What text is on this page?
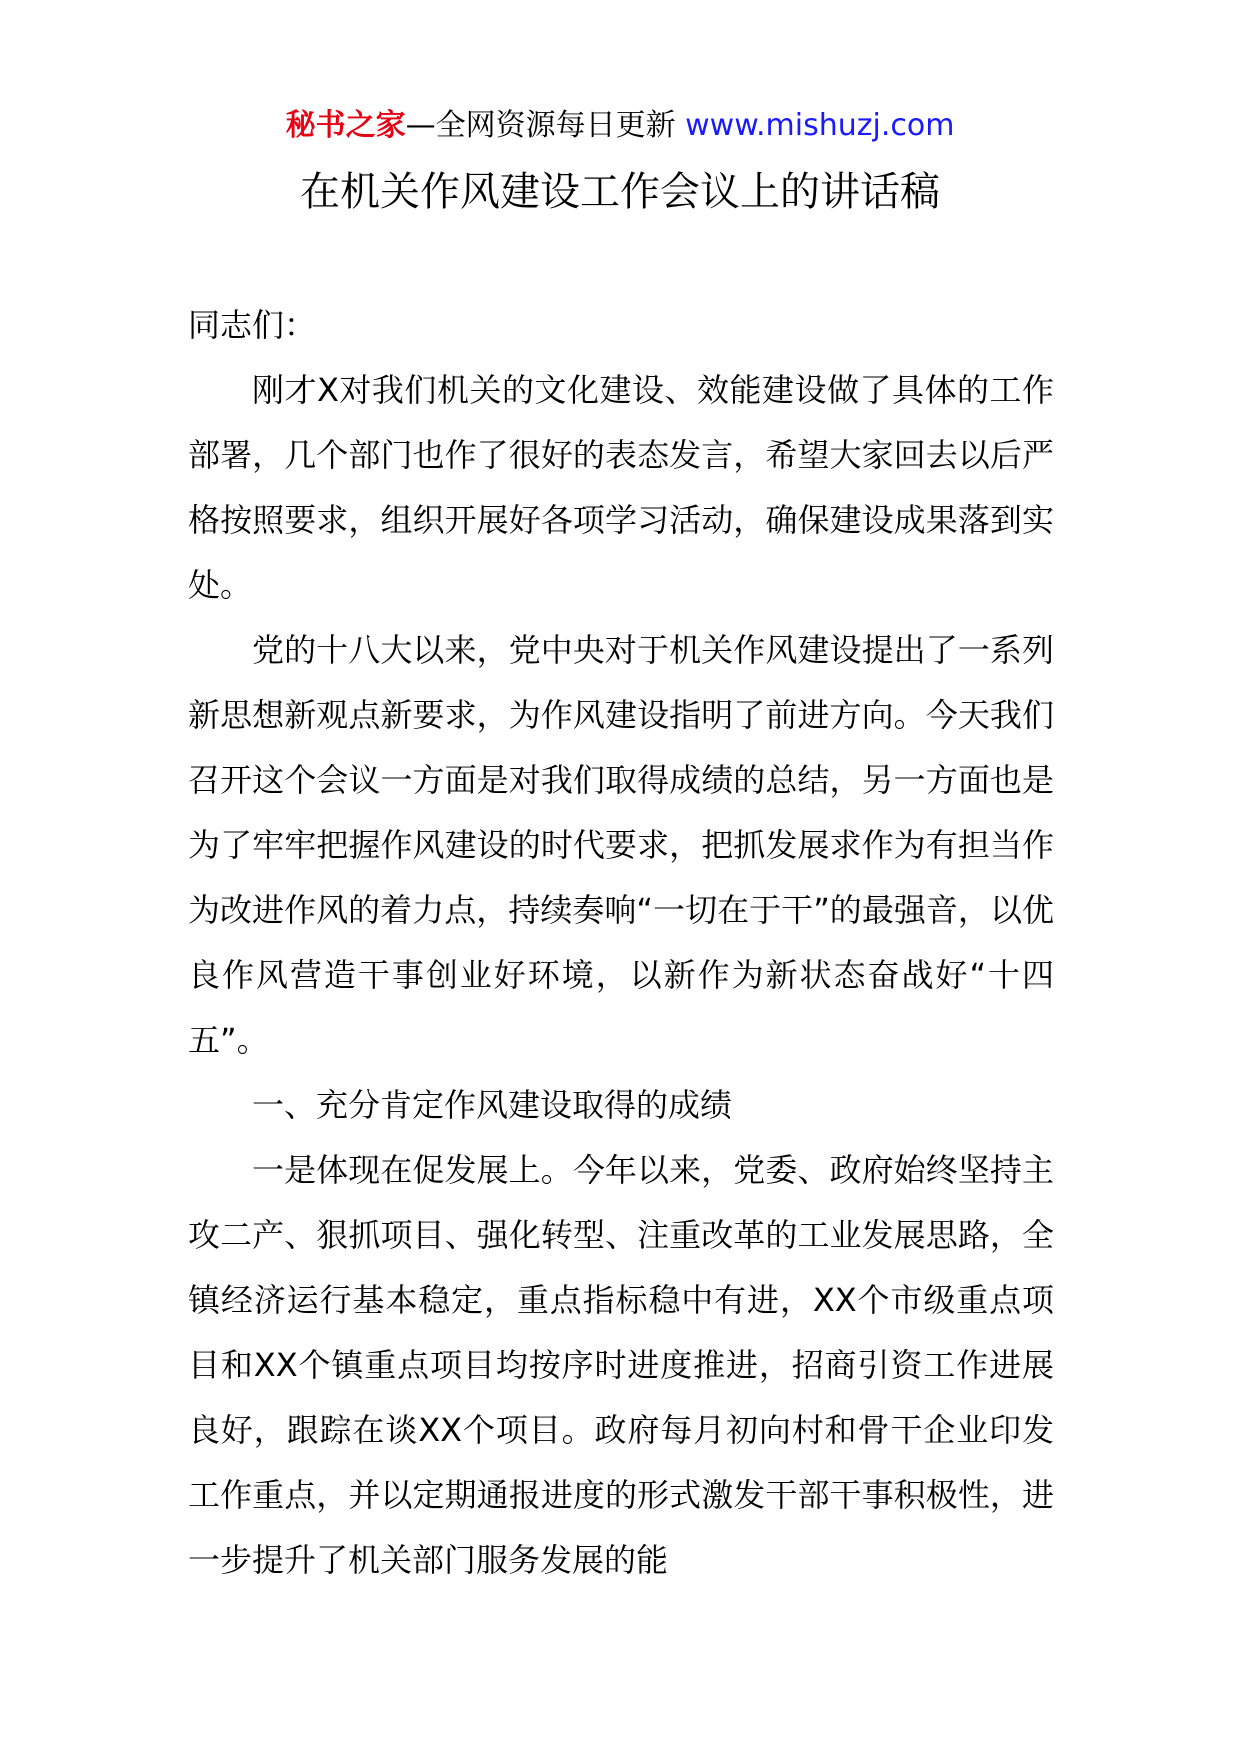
秘书之家—全网资源每日更新 www.mishuzj.com
在机关作风建设工作会议上的讲话稿

同志们：

刚才X对我们机关的文化建设、效能建设做了具体的工作部署，几个部门也作了很好的表态发言，希望大家回去以后严格按照要求，组织开展好各项学习活动，确保建设成果落到实处。

党的十八大以来，党中央对于机关作风建设提出了一系列新思想新观点新要求，为作风建设指明了前进方向。今天我们召开这个会议一方面是对我们取得成绩的总结，另一方面也是为了牢牢把握作风建设的时代要求，把抓发展求作为有担当作为改进作风的着力点，持续奏响“一切在于干”的最强音，以优良作风营造干事创业好环境，以新作为新状态奋战好“十四五”。

一、充分肯定作风建设取得的成绩

一是体现在促发展上。今年以来，党委、政府始终坚持主攻二产、狠抓项目、强化转型、注重改革的工业发展思路，全镇经济运行基本稳定，重点指标稳中有进，XX个市级重点项目和XX个镇重点项目均按序时进度推进，招商引资工作进展良好，跟踪在谈XX个项目。政府每月初向村和骨干企业印发工作重点，并以定期通报进度的形式激发干部干事积极性，进一步提升了机关部门服务发展的能
